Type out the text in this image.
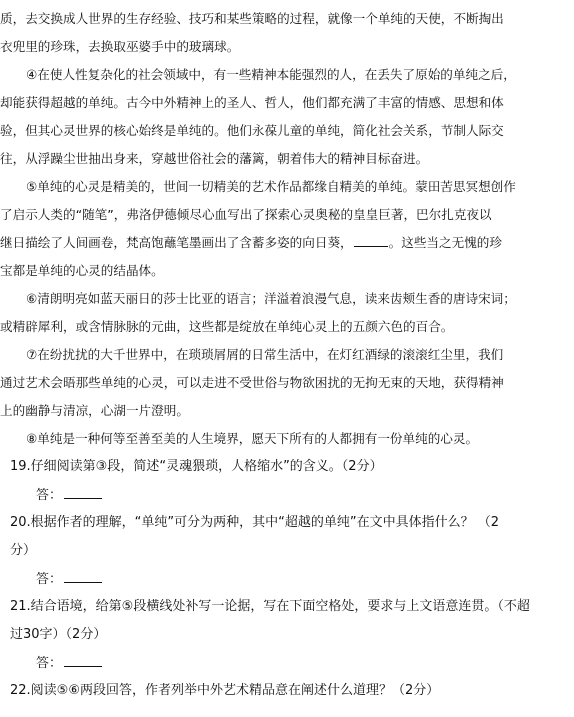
质，去交换成人世界的生存经验、技巧和某些策略的过程，就像一个单纯的天使，不断掏出
衣兜里的珍珠，去换取巫婆手中的玻璃球。
④在使人性复杂化的社会领域中，有一些精神本能强烈的人，在丢失了原始的单纯之后，
却能获得超越的单纯。古今中外精神上的圣人、哲人，他们都充满了丰富的情感、思想和体
验，但其心灵世界的核心始终是单纯的。他们永葆儿童的单纯，简化社会关系，节制人际交
往，从浮躁尘世抽出身来，穿越世俗社会的藩篱，朝着伟大的精神目标奋进。
⑤单纯的心灵是精美的，世间一切精美的艺术作品都缘自精美的单纯。蒙田苦思冥想创作
了启示人类的“随笔”，弗洛伊德倾尽心血写出了探索心灵奥秘的皇皇巨著，巴尔扎克夜以
继日描绘了人间画卷，梵高饱蘸笔墨画出了含蓄多姿的向日葵，	。这些当之无愧的珍
宝都是单纯的心灵的结晶体。
⑥清朗明亮如蓝天丽日的莎士比亚的语言；洋溢着浪漫气息，读来齿颊生香的唐诗宋词；
或精辟犀利，或含情脉脉的元曲，这些都是绽放在单纯心灵上的五颜六色的百合。
⑦在纷扰扰的大千世界中，在琐琐屑屑的日常生活中，在灯红酒绿的滚滚红尘里，我们
通过艺术会晤那些单纯的心灵，可以走进不受世俗与物欲困扰的无拘无束的天地，获得精神
上的幽静与清凉，心湖一片澄明。
⑧单纯是一种何等至善至美的人生境界，愿天下所有的人都拥有一份单纯的心灵。
19.仔细阅读第③段，简述“灵魂猥琐，人格缩水”的含义。（2分）
答：
20.根据作者的理解，“单纯”可分为两种，其中“超越的单纯”在文中具体指什么？ （2
分）
答：
21.结合语境，给第⑤段横线处补写一论据，写在下面空格处，要求与上文语意连贯。（不超
过30字）（2分）
答：
22.阅读⑤⑥两段回答，作者列举中外艺术精品意在阐述什么道理？（2分）
